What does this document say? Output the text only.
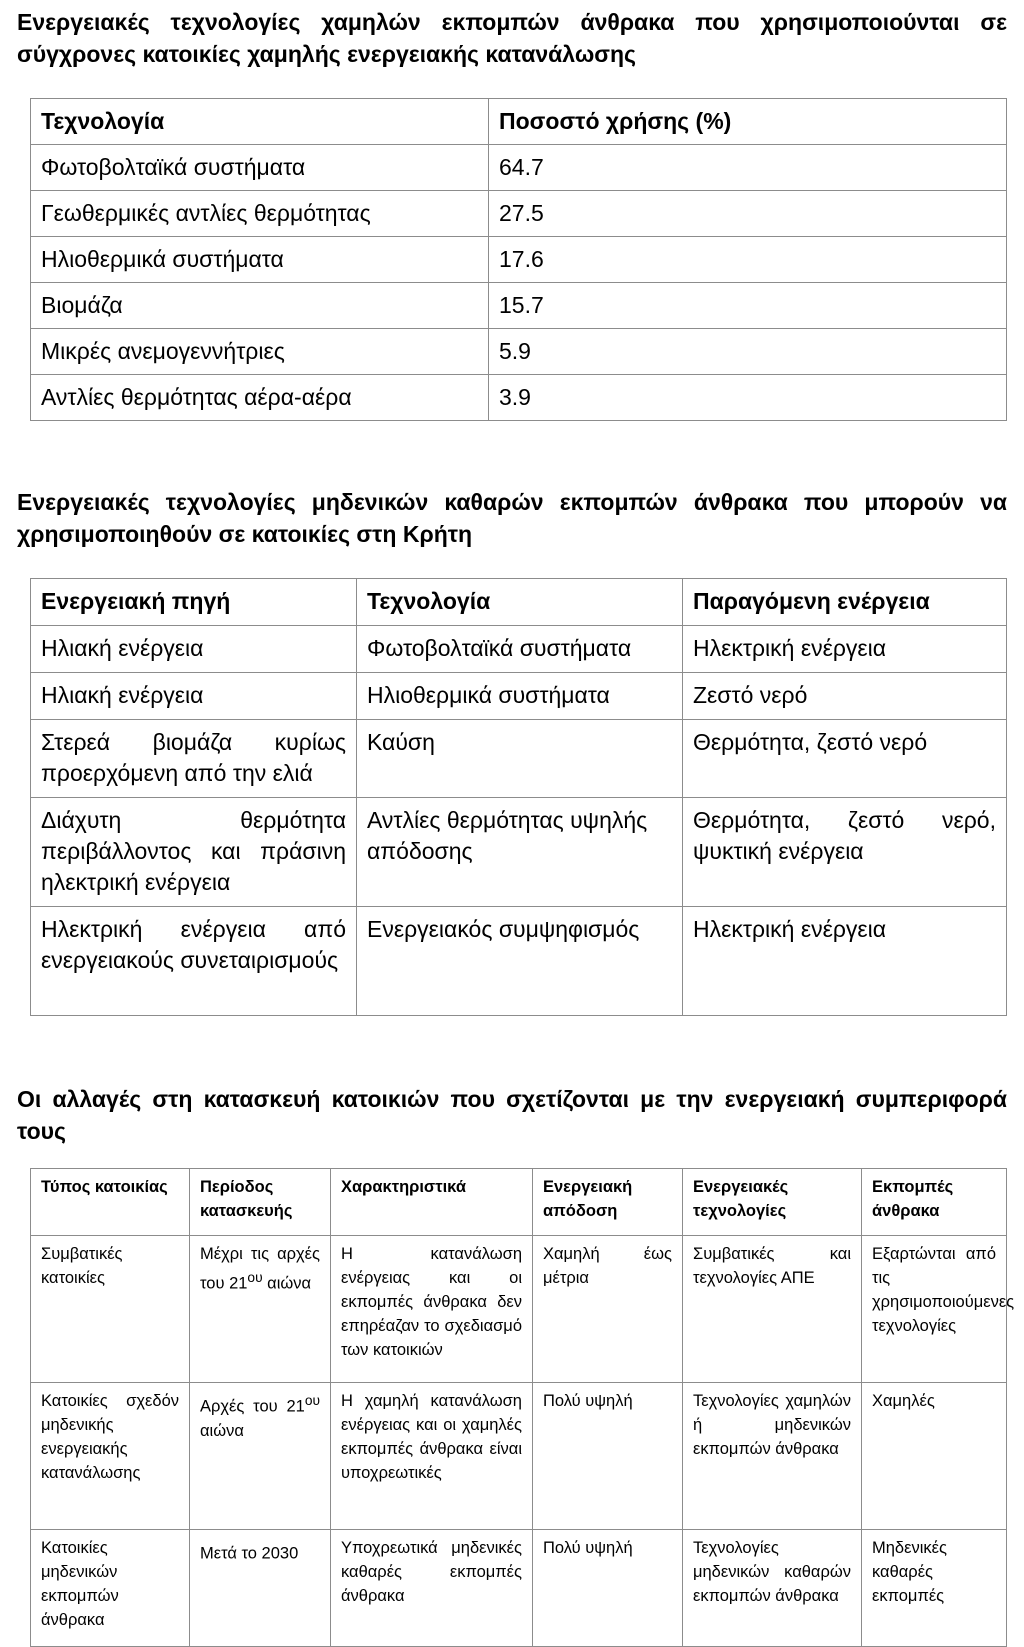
Ενεργειακές τεχνολογίες χαμηλών εκπομπών άνθρακα που χρησιμοποιούνται σε σύγχρονες κατοικίες χαμηλής ενεργειακής κατανάλωσης

Τεχνολογία	Ποσοστό χρήσης (%)
Φωτοβολταϊκά συστήματα	64.7
Γεωθερμικές αντλίες θερμότητας	27.5
Ηλιοθερμικά συστήματα	17.6
Βιομάζα	15.7
Μικρές ανεμογεννήτριες	5.9
Αντλίες θερμότητας αέρα-αέρα	3.9

Ενεργειακές τεχνολογίες μηδενικών καθαρών εκπομπών άνθρακα που μπορούν να χρησιμοποιηθούν σε κατοικίες στη Κρήτη

Ενεργειακή πηγή	Τεχνολογία	Παραγόμενη ενέργεια
Ηλιακή ενέργεια	Φωτοβολταϊκά συστήματα	Ηλεκτρική ενέργεια
Ηλιακή ενέργεια	Ηλιοθερμικά συστήματα	Ζεστό νερό
Στερεά βιομάζα κυρίως προερχόμενη από την ελιά	Καύση	Θερμότητα, ζεστό νερό
Διάχυτη θερμότητα περιβάλλοντος και πράσινη ηλεκτρική ενέργεια	Αντλίες θερμότητας υψηλής απόδοσης	Θερμότητα, ζεστό νερό, ψυκτική ενέργεια
Ηλεκτρική ενέργεια από ενεργειακούς συνεταιρισμούς	Ενεργειακός συμψηφισμός	Ηλεκτρική ενέργεια

Οι αλλαγές στη κατασκευή κατοικιών που σχετίζονται με την ενεργειακή συμπεριφορά τους

Τύπος κατοικίας	Περίοδος κατασκευής	Χαρακτηριστικά	Ενεργειακή απόδοση	Ενεργειακές τεχνολογίες	Εκπομπές άνθρακα
Συμβατικές κατοικίες	Μέχρι τις αρχές του $21^{o\upsilon}$ αιώνα	Η κατανάλωση ενέργειας και οι εκπομπές άνθρακα δεν επηρέαζαν το σχεδιασμό των κατοικιών	Χαμηλή έως μέτρια	Συμβατικές και τεχνολογίες ΑΠΕ	Εξαρτώνται από τις χρησιμοποιούμενες τεχνολογίες
Κατοικίες σχεδόν μηδενικής ενεργειακής κατανάλωσης	Αρχές του $21^{o\upsilon}$ αιώνα	Η χαμηλή κατανάλωση ενέργειας και οι χαμηλές εκπομπές άνθρακα είναι υποχρεωτικές	Πολύ υψηλή	Τεχνολογίες χαμηλών ή μηδενικών εκπομπών άνθρακα	Χαμηλές
Κατοικίες μηδενικών εκπομπών άνθρακα	Μετά το 2030	Υποχρεωτικά μηδενικές καθαρές εκπομπές άνθρακα	Πολύ υψηλή	Τεχνολογίες μηδενικών καθαρών εκπομπών άνθρακα	Μηδενικές καθαρές εκπομπές
